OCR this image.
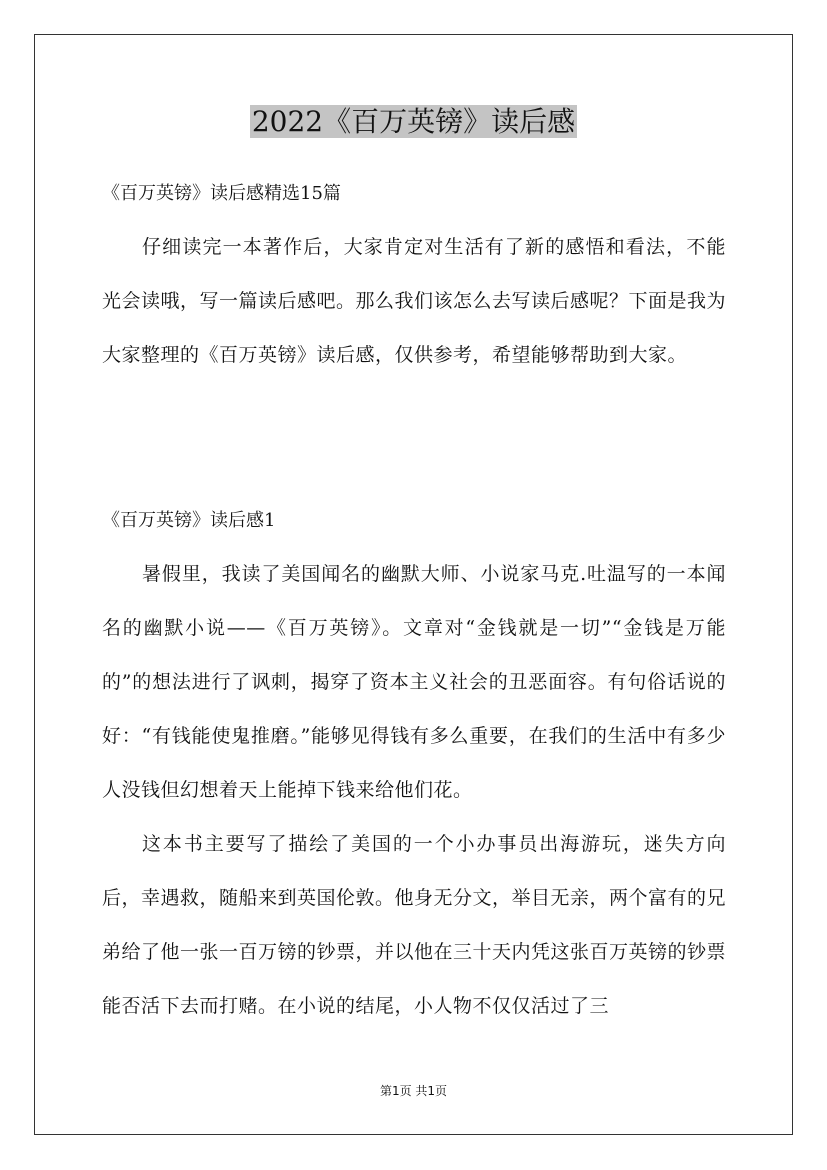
2022《百万英镑》读后感
《百万英镑》读后感精选15篇

仔细读完一本著作后，大家肯定对生活有了新的感悟和看法，不能光会读哦，写一篇读后感吧。那么我们该怎么去写读后感呢？下面是我为大家整理的《百万英镑》读后感，仅供参考，希望能够帮助到大家。

《百万英镑》读后感1

暑假里，我读了美国闻名的幽默大师、小说家马克.吐温写的一本闻名的幽默小说——《百万英镑》。文章对“金钱就是一切”“金钱是万能的”的想法进行了讽刺，揭穿了资本主义社会的丑恶面容。有句俗话说的好：“有钱能使鬼推磨。”能够见得钱有多么重要，在我们的生活中有多少人没钱但幻想着天上能掉下钱来给他们花。

这本书主要写了描绘了美国的一个小办事员出海游玩，迷失方向后，幸遇救，随船来到英国伦敦。他身无分文，举目无亲，两个富有的兄弟给了他一张一百万镑的钞票，并以他在三十天内凭这张百万英镑的钞票能否活下去而打赌。在小说的结尾，小人物不仅仅活过了三

第1页 共1页
